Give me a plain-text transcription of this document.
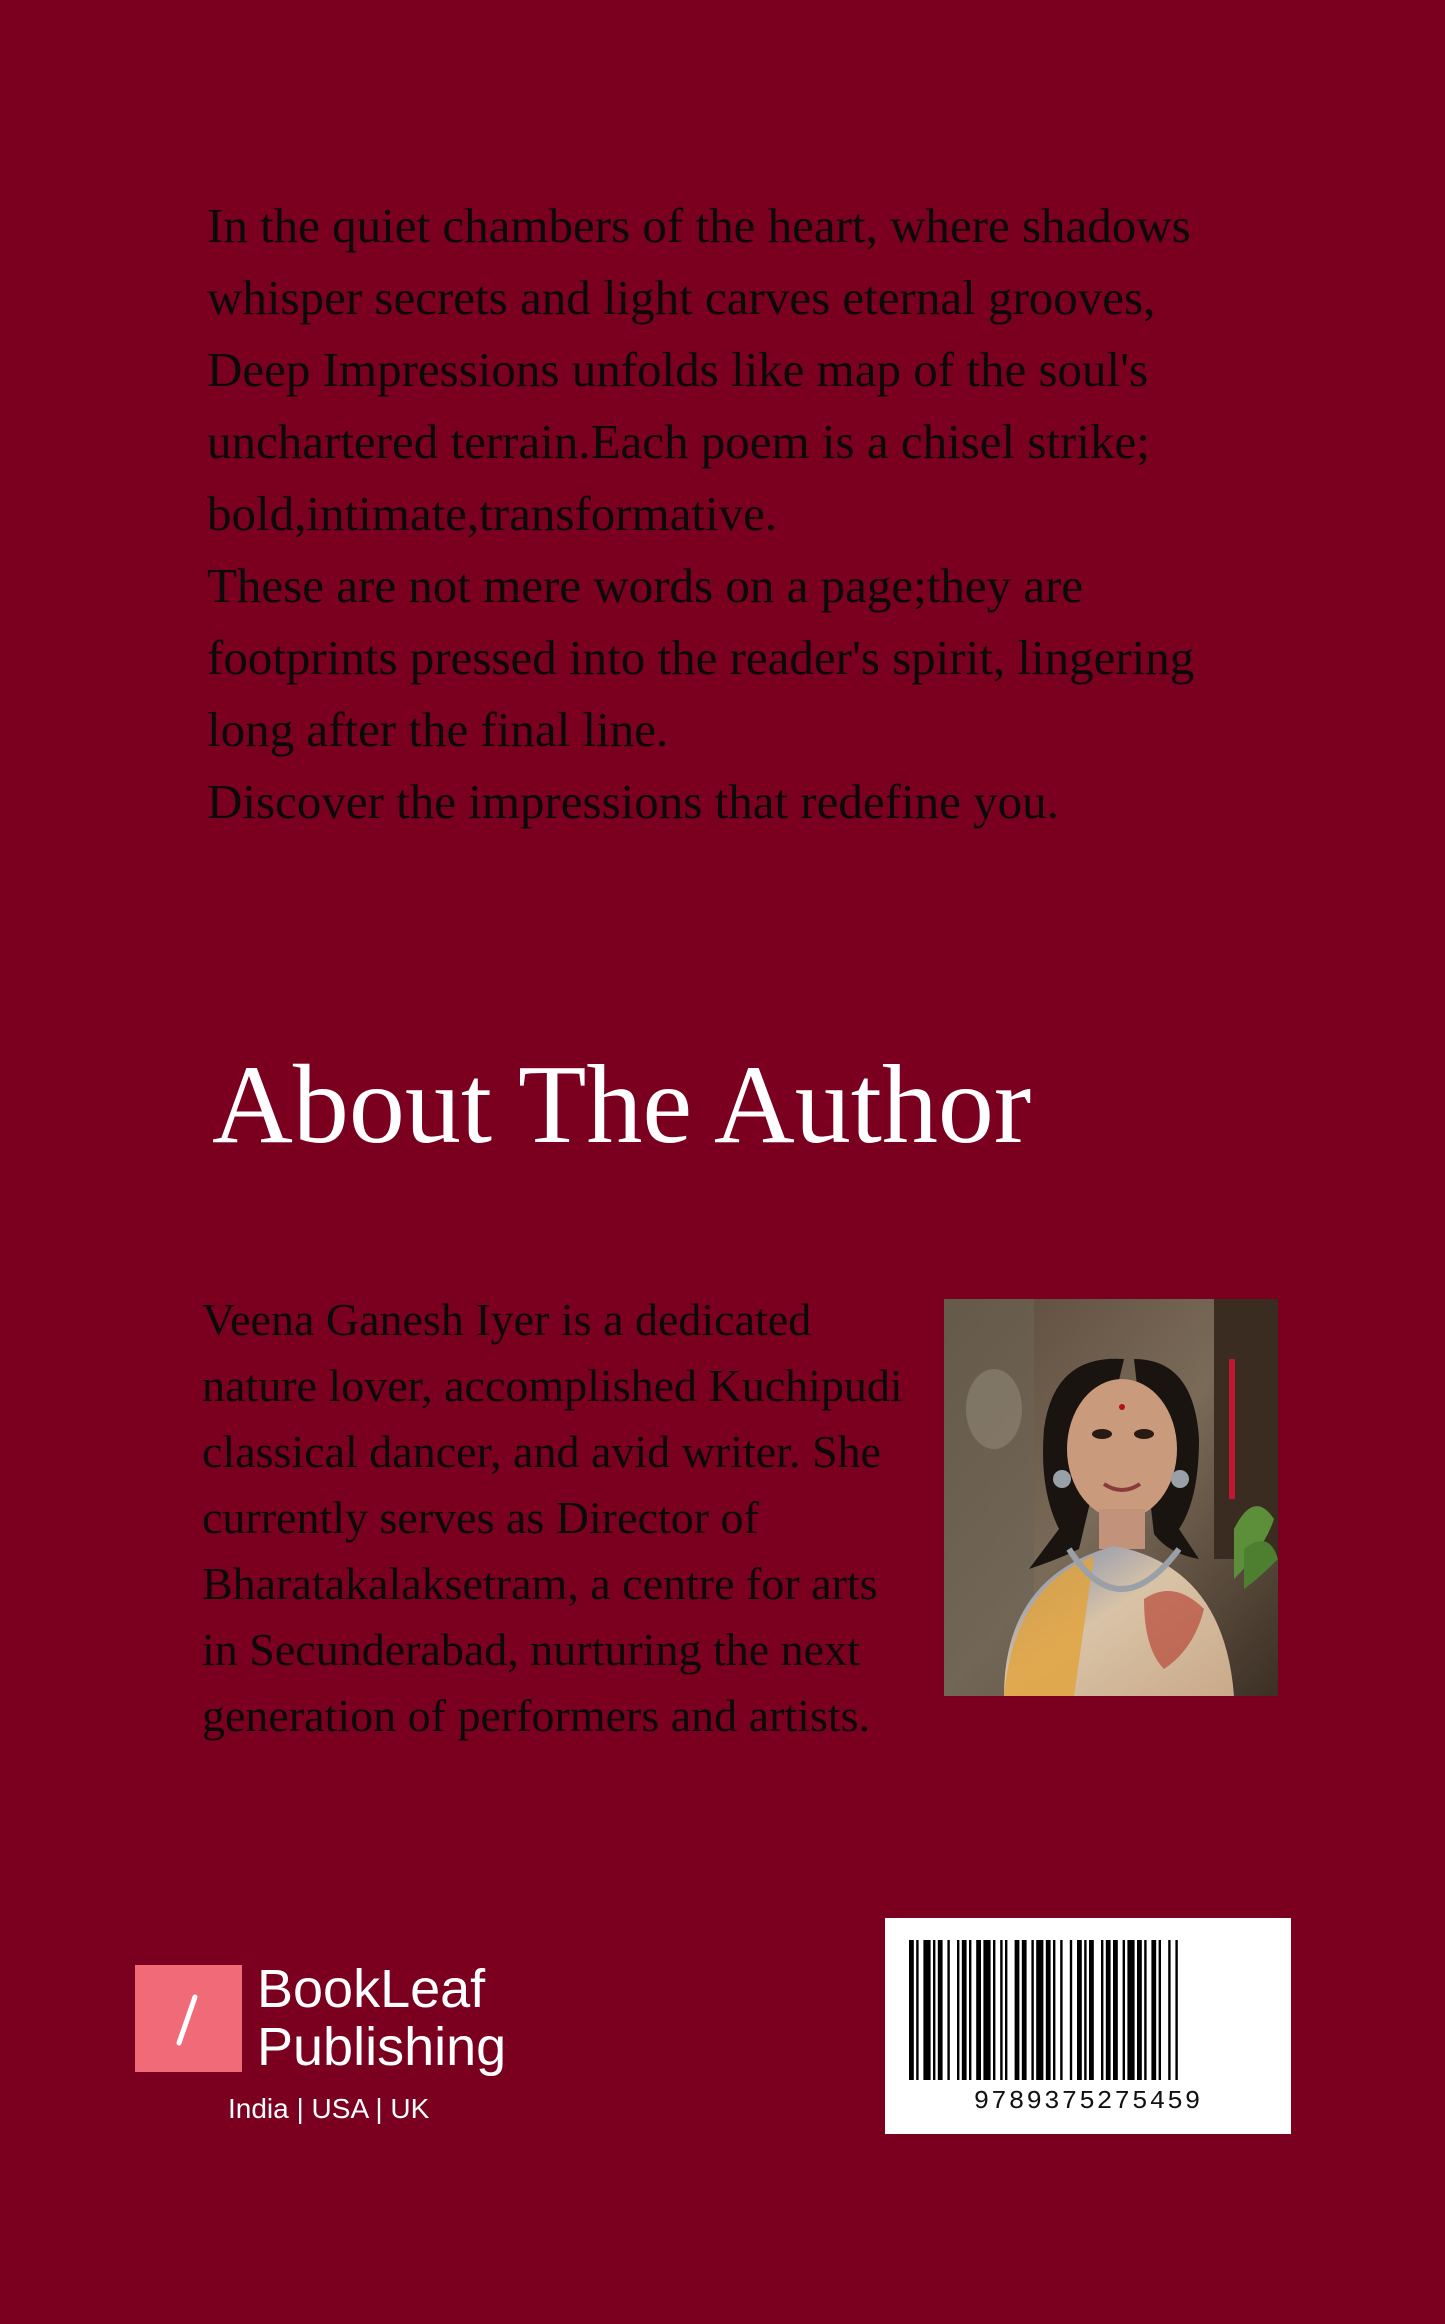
In the quiet chambers of the heart, where shadows whisper secrets and light carves eternal grooves, Deep Impressions unfolds like map of the soul's unchartered terrain.Each poem is a chisel strike; bold,intimate,transformative.

These are not mere words on a page;they are footprints pressed into the reader's spirit, lingering long after the final line.

Discover the impressions that redefine you.

About The Author

Veena Ganesh Iyer is a dedicated nature lover, accomplished Kuchipudi classical dancer, and avid writer. She currently serves as Director of Bharatakalaksetram, a centre for arts in Secunderabad, nurturing the next generation of performers and artists.

BookLeaf
Publishing
India | USA | UK	9789375275459
